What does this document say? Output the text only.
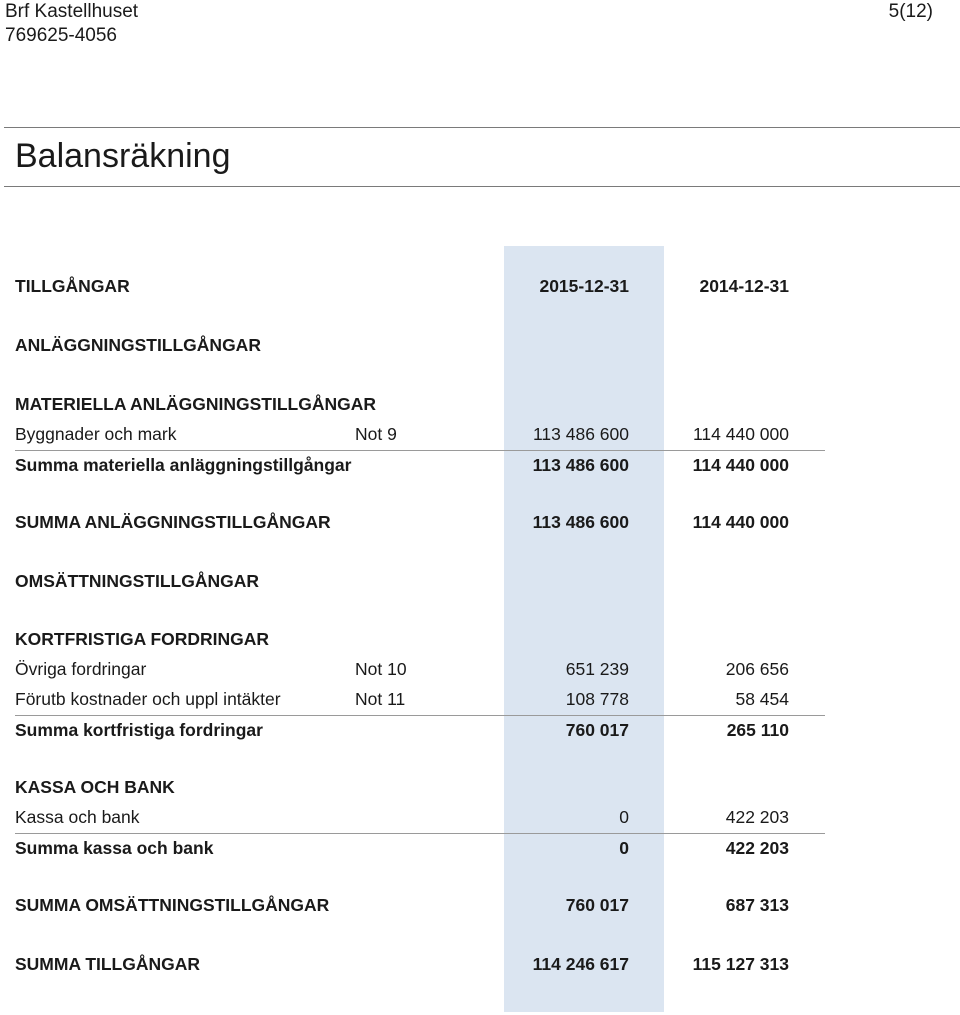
Brf Kastellhuset
769625-4056
5(12)
Balansräkning
TILLGÅNGAR	2015-12-31	2014-12-31
ANLÄGGNINGSTILLGÅNGAR
MATERIELLA ANLÄGGNINGSTILLGÅNGAR
Byggnader och mark	Not 9	113 486 600	114 440 000
Summa materiella anläggningstillgångar	113 486 600	114 440 000
SUMMA ANLÄGGNINGSTILLGÅNGAR	113 486 600	114 440 000
OMSÄTTNINGSTILLGÅNGAR
KORTFRISTIGA FORDRINGAR
Övriga fordringar	Not 10	651 239	206 656
Förutb kostnader och uppl intäkter	Not 11	108 778	58 454
Summa kortfristiga fordringar	760 017	265 110
KASSA OCH BANK
Kassa och bank	0	422 203
Summa kassa och bank	0	422 203
SUMMA OMSÄTTNINGSTILLGÅNGAR	760 017	687 313
SUMMA TILLGÅNGAR	114 246 617	115 127 313
